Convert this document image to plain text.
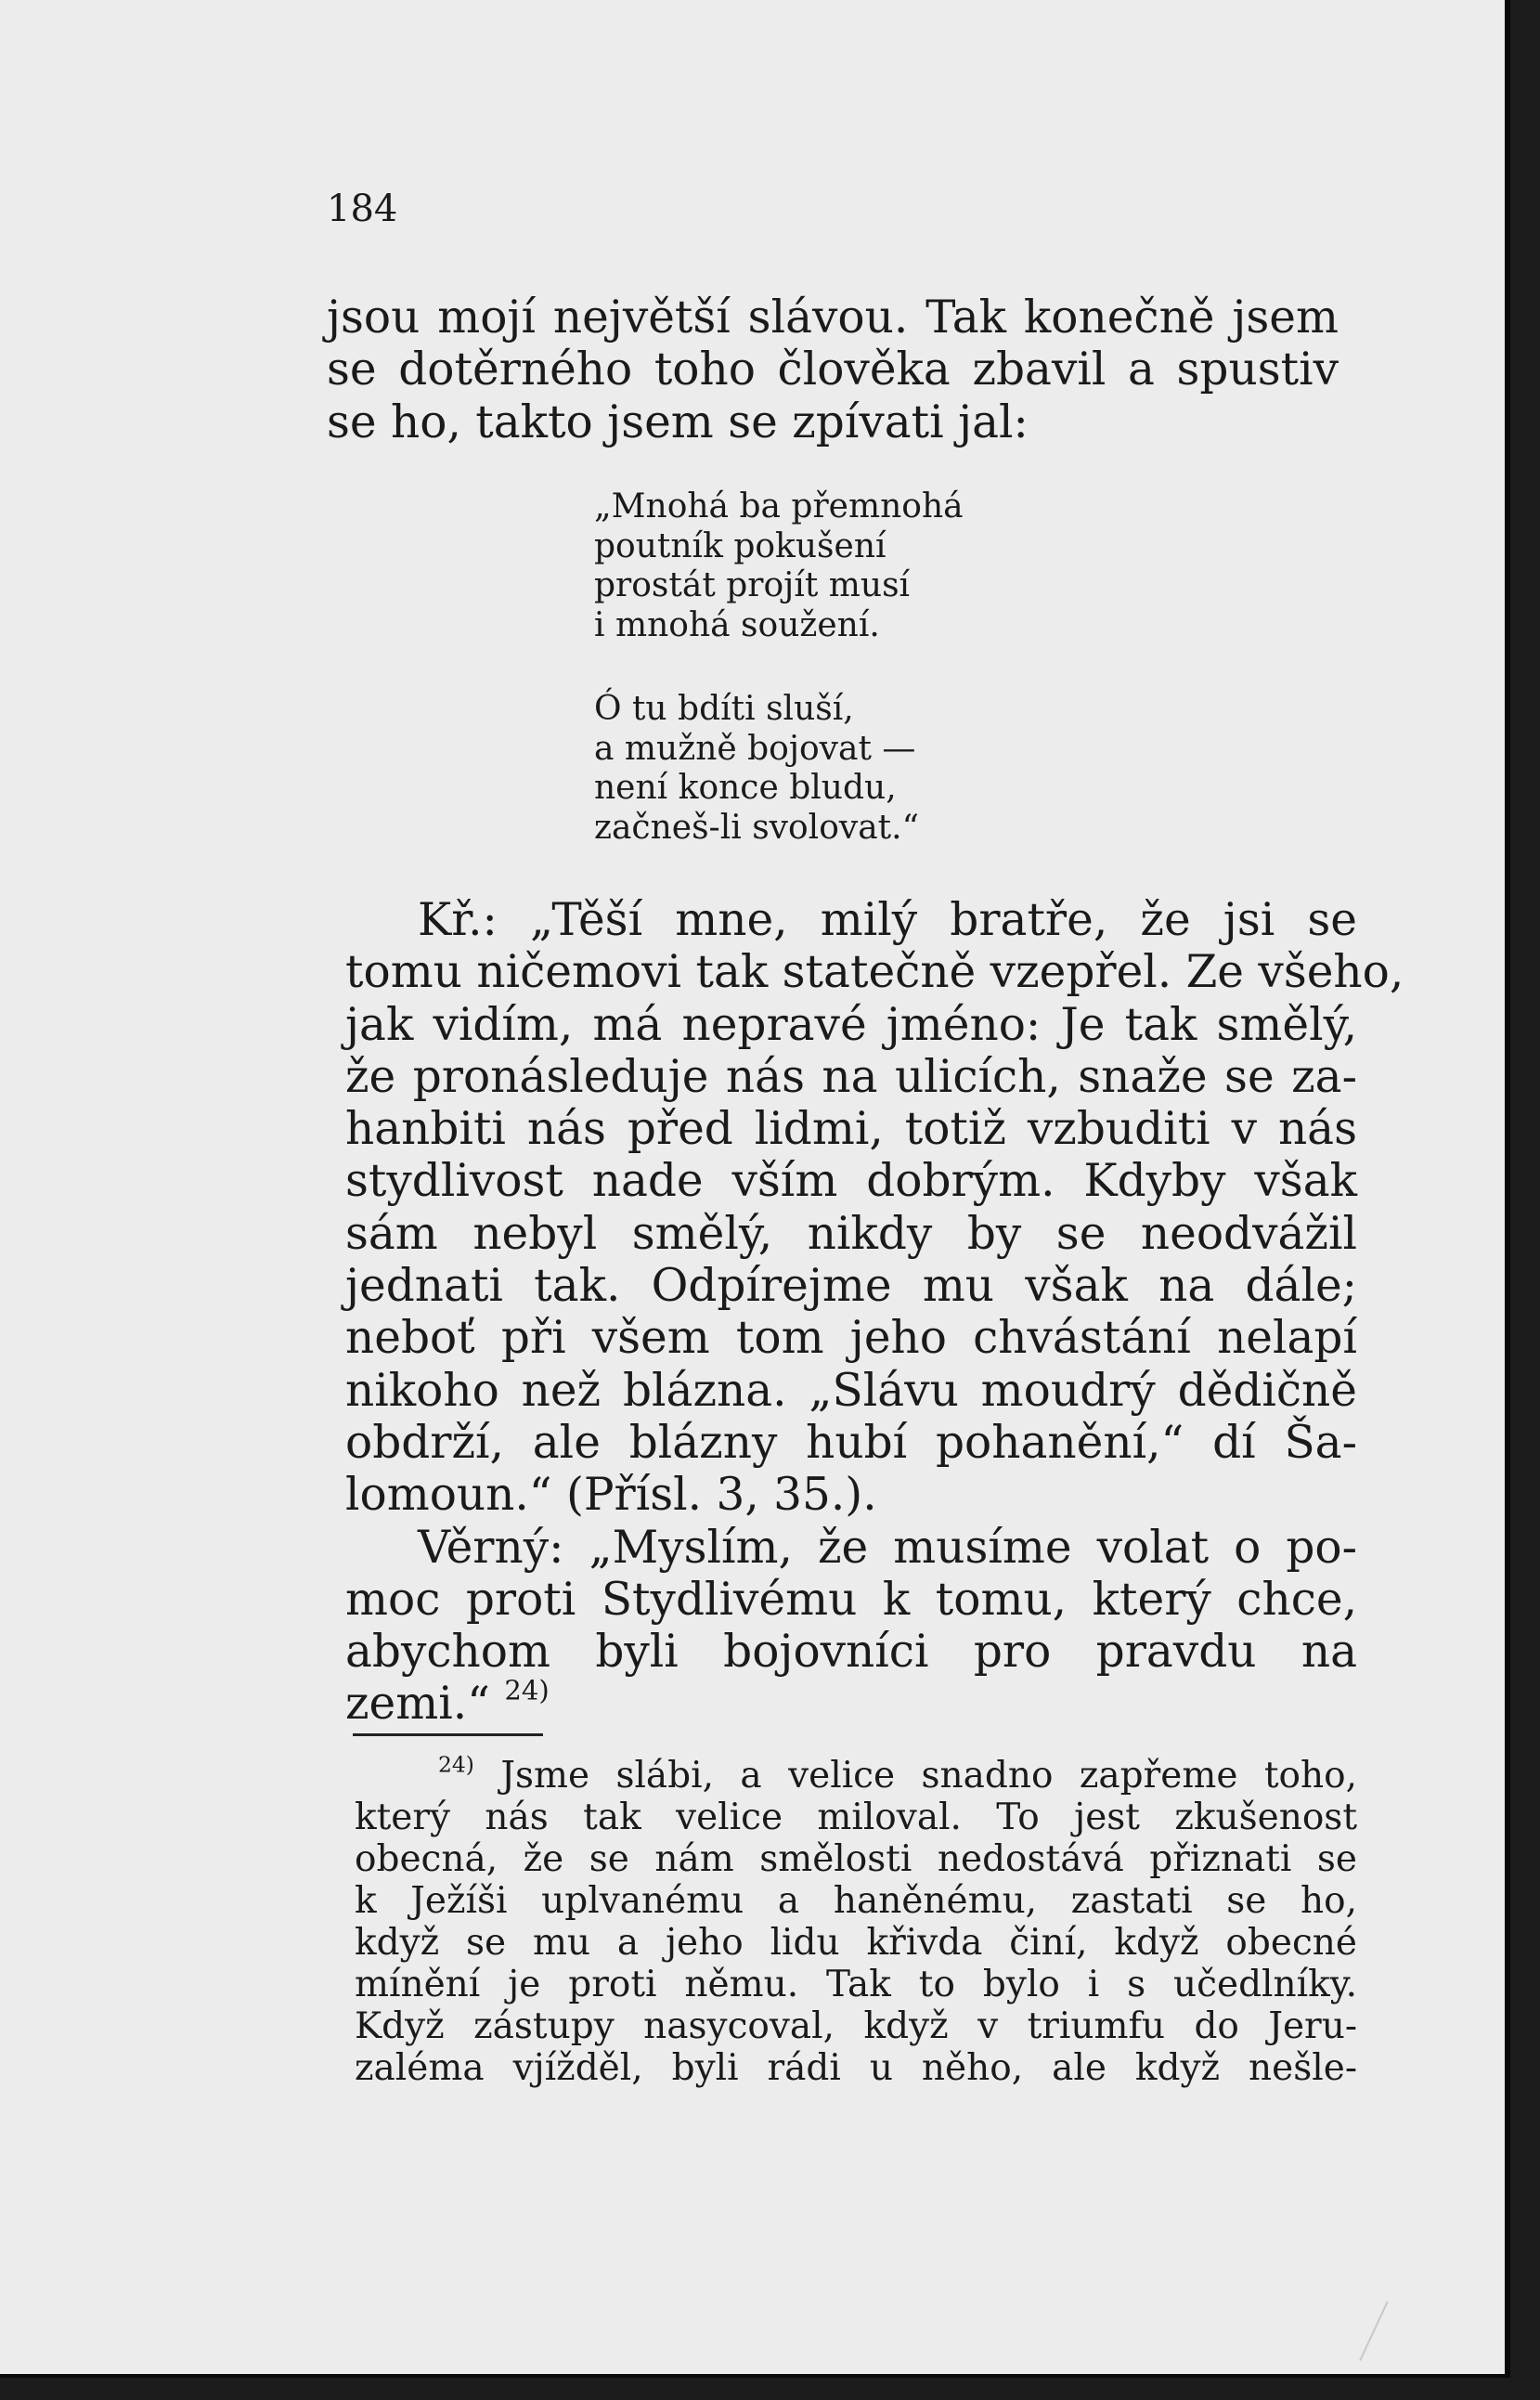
184
jsou mojí největší slávou. Tak konečně jsem
se dotěrného toho člověka zbavil a spustiv
se ho, takto jsem se zpívati jal:
„Mnohá ba přemnohá
poutník pokušení
prostát projít musí
i mnohá soužení.
Ó tu bdíti sluší,
a mužně bojovat —
není konce bludu,
začneš-li svolovat.“
Kř.: „Těší mne, milý bratře, že jsi se
tomu ničemovi tak statečně vzepřel. Ze všeho,
jak vidím, má nepravé jméno: Je tak smělý,
že pronásleduje nás na ulicích, snaže se za-
hanbiti nás před lidmi, totiž vzbuditi v nás
stydlivost nade vším dobrým. Kdyby však
sám nebyl smělý, nikdy by se neodvážil
jednati tak. Odpírejme mu však na dále;
neboť při všem tom jeho chvástání nelapí
nikoho než blázna. „Slávu moudrý dědičně
obdrží, ale blázny hubí pohanění,“ dí Ša-
lomoun.“ (Přísl. 3, 35.).
Věrný: „Myslím, že musíme volat o po-
moc proti Stydlivému k tomu, který chce,
abychom byli bojovníci pro pravdu na
zemi.“ $^{24)}$
$^{24)}$ Jsme slábi, a velice snadno zapřeme toho,
který nás tak velice miloval. To jest zkušenost
obecná, že se nám smělosti nedostává přiznati se
k Ježíši uplvanému a haněnému, zastati se ho,
když se mu a jeho lidu křivda činí, když obecné
mínění je proti němu. Tak to bylo i s učedlníky.
Když zástupy nasycoval, když v triumfu do Jeru-
zaléma vjížděl, byli rádi u něho, ale když nešle-
